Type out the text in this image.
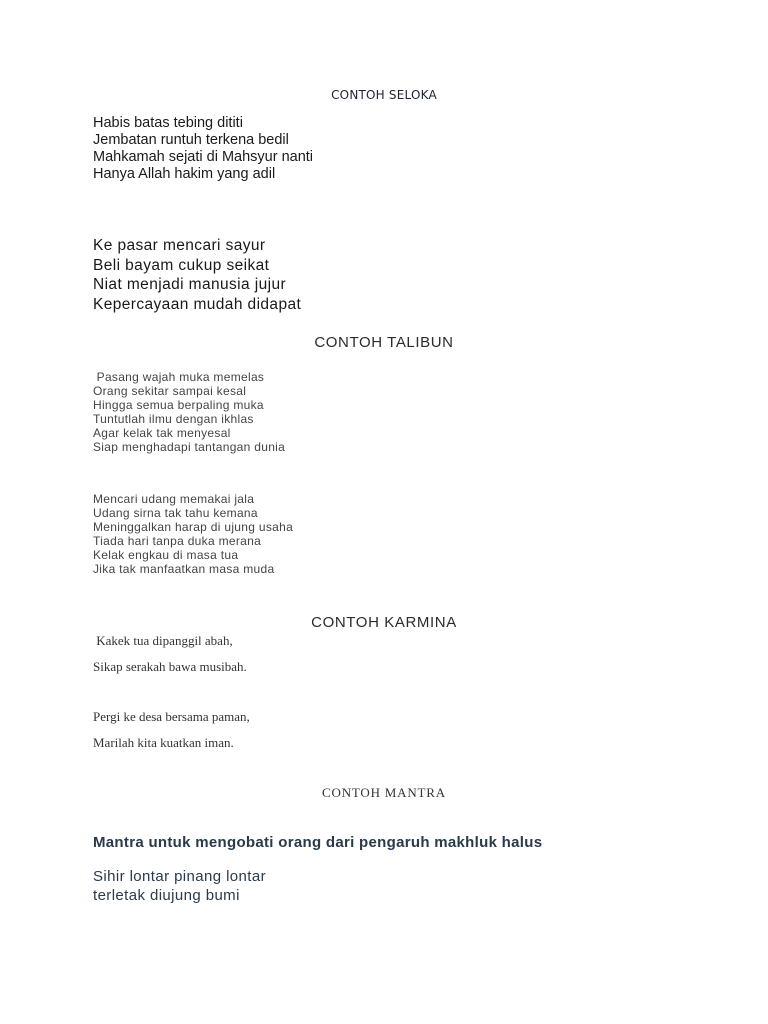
CONTOH SELOKA
Habis batas tebing dititi
Jembatan runtuh terkena bedil
Mahkamah sejati di Mahsyur nanti
Hanya Allah hakim yang adil
Ke pasar mencari sayur
Beli bayam cukup seikat
Niat menjadi manusia jujur
Kepercayaan mudah didapat
CONTOH TALIBUN
Pasang wajah muka memelas
Orang sekitar sampai kesal
Hingga semua berpaling muka
Tuntutlah ilmu dengan ikhlas
Agar kelak tak menyesal
Siap menghadapi tantangan dunia
Mencari udang memakai jala
Udang sirna tak tahu kemana
Meninggalkan harap di ujung usaha
Tiada hari tanpa duka merana
Kelak engkau di masa tua
Jika tak manfaatkan masa muda
CONTOH KARMINA
Kakek tua dipanggil abah,
Sikap serakah bawa musibah.
Pergi ke desa bersama paman,
Marilah kita kuatkan iman.
CONTOH MANTRA
Mantra untuk mengobati orang dari pengaruh makhluk halus
Sihir lontar pinang lontar
terletak diujung bumi
